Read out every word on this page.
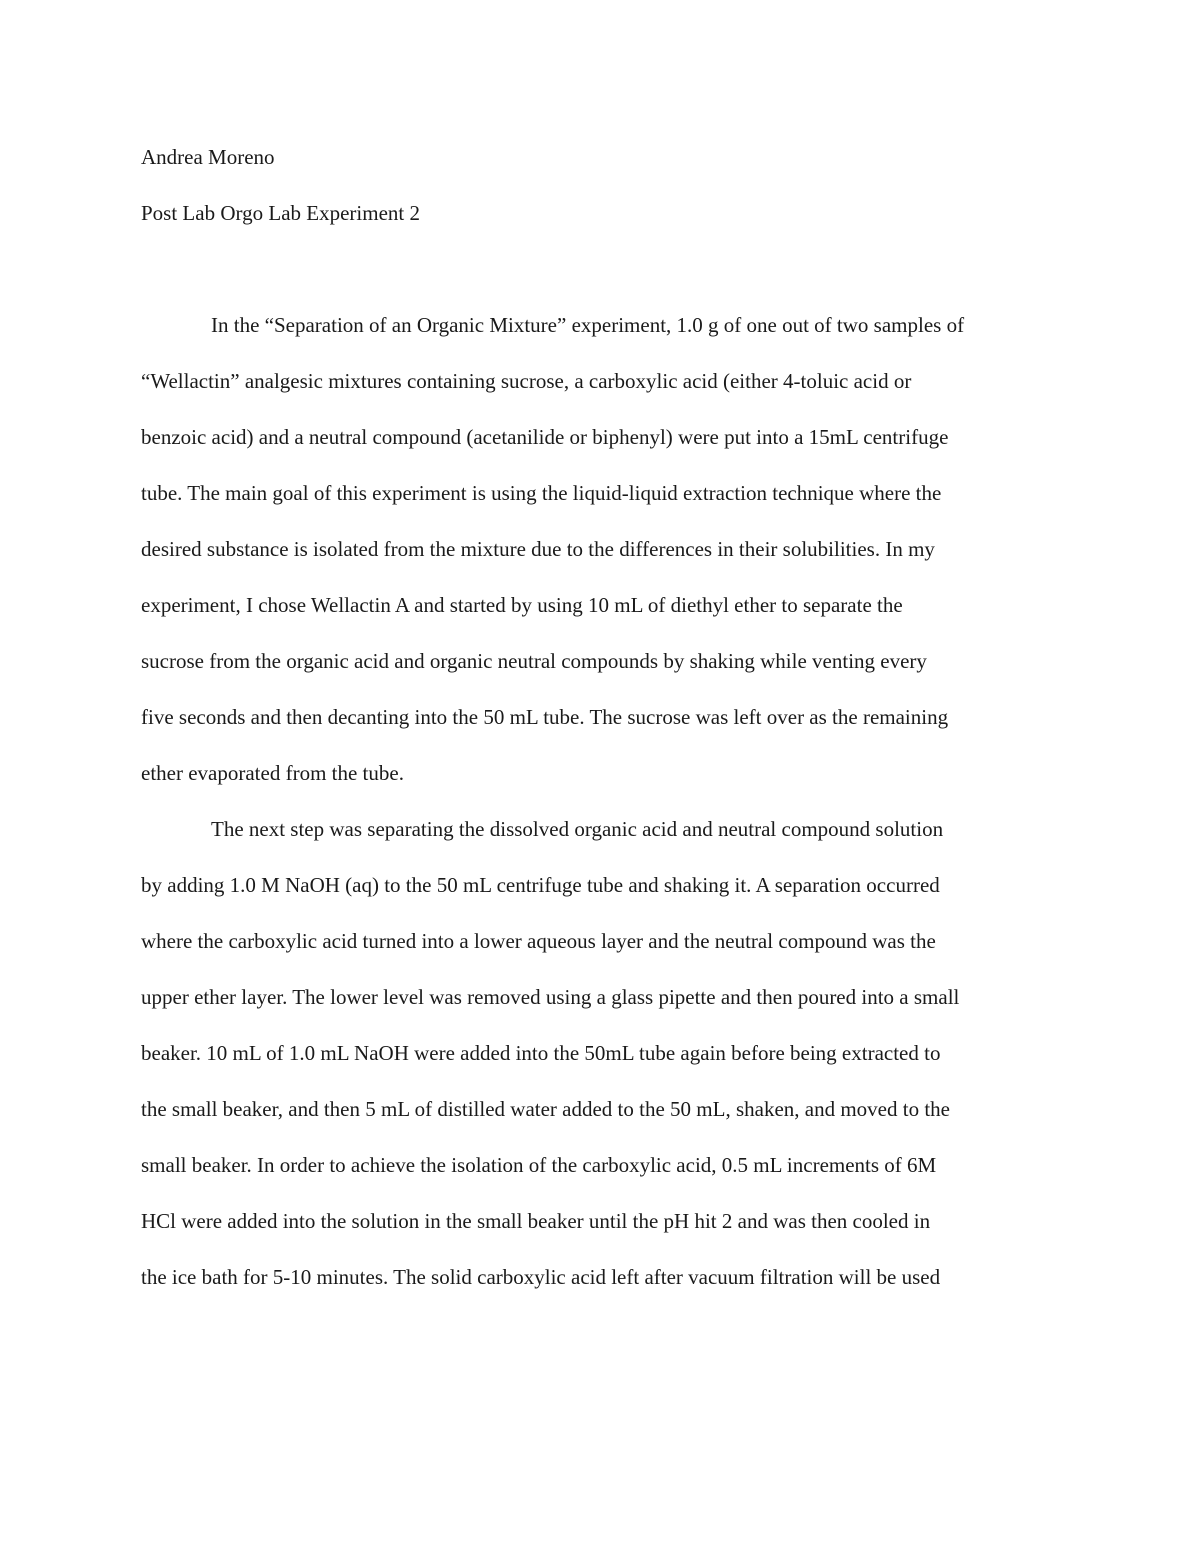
Andrea Moreno
Post Lab Orgo Lab Experiment 2
In the “Separation of an Organic Mixture” experiment, 1.0 g of one out of two samples of
“Wellactin” analgesic mixtures containing sucrose, a carboxylic acid (either 4-toluic acid or
benzoic acid) and a neutral compound (acetanilide or biphenyl) were put into a 15mL centrifuge
tube. The main goal of this experiment is using the liquid-liquid extraction technique where the
desired substance is isolated from the mixture due to the differences in their solubilities. In my
experiment, I chose Wellactin A and started by using 10 mL of diethyl ether to separate the
sucrose from the organic acid and organic neutral compounds by shaking while venting every
five seconds and then decanting into the 50 mL tube. The sucrose was left over as the remaining
ether evaporated from the tube.
The next step was separating the dissolved organic acid and neutral compound solution
by adding 1.0 M NaOH (aq) to the 50 mL centrifuge tube and shaking it. A separation occurred
where the carboxylic acid turned into a lower aqueous layer and the neutral compound was the
upper ether layer. The lower level was removed using a glass pipette and then poured into a small
beaker. 10 mL of 1.0 mL NaOH were added into the 50mL tube again before being extracted to
the small beaker, and then 5 mL of distilled water added to the 50 mL, shaken, and moved to the
small beaker. In order to achieve the isolation of the carboxylic acid, 0.5 mL increments of 6M
HCl were added into the solution in the small beaker until the pH hit 2 and was then cooled in
the ice bath for 5-10 minutes. The solid carboxylic acid left after vacuum filtration will be used
